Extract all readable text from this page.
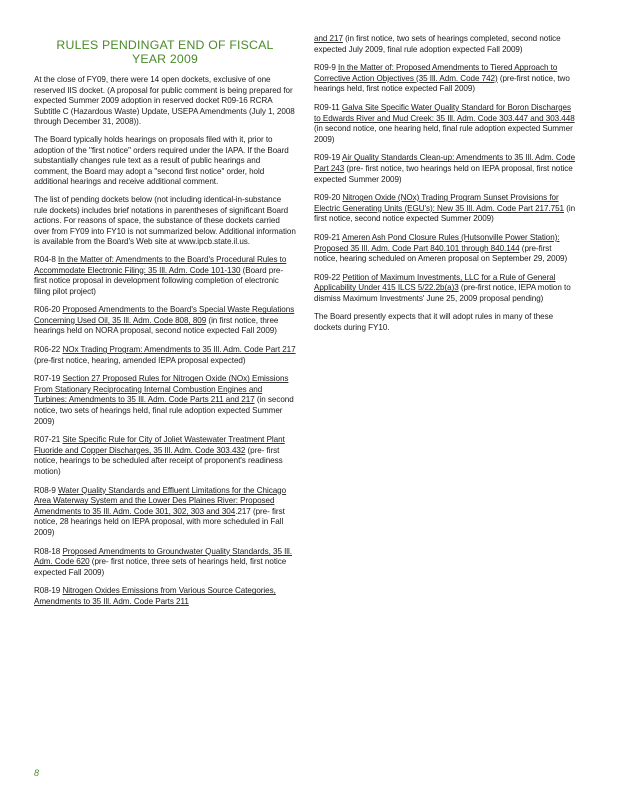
RULES PENDINGAT END OF FISCAL
YEAR 2009

At the close of FY09, there were 14 open dockets, exclusive of one reserved IIS docket. (A proposal for public comment is being prepared for expected Summer 2009 adoption in reserved docket R09-16 RCRA Subtitle C (Hazardous Waste) Update, USEPA Amendments (July 1, 2008 through December 31, 2008)).

The Board typically holds hearings on proposals filed with it, prior to adoption of the "first notice" orders required under the IAPA. If the Board substantially changes rule text as a result of public hearings and comment, the Board may adopt a "second first notice" order, hold additional hearings and receive additional comment.

The list of pending dockets below (not including identical-in-substance rule dockets) includes brief notations in parentheses of significant Board actions. For reasons of space, the substance of these dockets carried over from FY09 into FY10 is not summarized below. Additional information is available from the Board's Web site at www.ipcb.state.il.us.

R04-8 In the Matter of: Amendments to the Board's Procedural Rules to Accommodate Electronic Filing: 35 Ill. Adm. Code 101-130 (Board pre- first notice proposal in development following completion of electronic filing pilot project)

R06-20 Proposed Amendments to the Board's Special Waste Regulations Concerning Used Oil, 35 Ill. Adm. Code 808, 809 (in first notice, three hearings held on NORA proposal, second notice expected Fall 2009)

R06-22 NOx Trading Program: Amendments to 35 Ill. Adm. Code Part 217 (pre-first notice, hearing, amended IEPA proposal expected)

R07-19 Section 27 Proposed Rules for Nitrogen Oxide (NOx) Emissions From Stationary Reciprocating Internal Combustion Engines and Turbines: Amendments to 35 Ill. Adm. Code Parts 211 and 217 (in second notice, two sets of hearings held, final rule adoption expected Summer 2009)

R07-21 Site Specific Rule for City of Joliet Wastewater Treatment Plant Fluoride and Copper Discharges, 35 Ill. Adm. Code 303.432 (pre- first notice, hearings to be scheduled after receipt of proponent's readiness motion)

R08-9 Water Quality Standards and Effluent Limitations for the Chicago Area Waterway System and the Lower Des Plaines River: Proposed Amendments to 35 Ill. Adm. Code 301, 302, 303 and 304.217 (pre- first notice, 28 hearings held on IEPA proposal, with more scheduled in Fall 2009)

R08-18 Proposed Amendments to Groundwater Quality Standards, 35 Ill. Adm. Code 620 (pre- first notice, three sets of hearings held, first notice expected Fall 2009)

R08-19 Nitrogen Oxides Emissions from Various Source Categories, Amendments to 35 Ill. Adm. Code Parts 211

and 217 (in first notice, two sets of hearings completed, second notice expected July 2009, final rule adoption expected Fall 2009)

R09-9 In the Matter of: Proposed Amendments to Tiered Approach to Corrective Action Objectives (35 Ill. Adm. Code 742) (pre-first notice, two hearings held, first notice expected Fall 2009)

R09-11 Galva Site Specific Water Quality Standard for Boron Discharges to Edwards River and Mud Creek: 35 Ill. Adm. Code 303.447 and 303.448 (in second notice, one hearing held, final rule adoption expected Summer 2009)

R09-19 Air Quality Standards Clean-up: Amendments to 35 Ill. Adm. Code Part 243 (pre- first notice, two hearings held on IEPA proposal, first notice expected Summer 2009)

R09-20 Nitrogen Oxide (NOx) Trading Program Sunset Provisions for Electric Generating Units (EGU's): New 35 Ill. Adm. Code Part 217.751 (in first notice, second notice expected Summer 2009)

R09-21 Ameren Ash Pond Closure Rules (Hutsonville Power Station): Proposed 35 Ill. Adm. Code Part 840.101 through 840.144 (pre-first notice, hearing scheduled on Ameren proposal on September 29, 2009)

R09-22 Petition of Maximum Investments, LLC for a Rule of General Applicability Under 415 ILCS 5/22.2b(a)3 (pre-first notice, IEPA motion to dismiss Maximum Investments' June 25, 2009 proposal pending)

The Board presently expects that it will adopt rules in many of these dockets during FY10.

8
